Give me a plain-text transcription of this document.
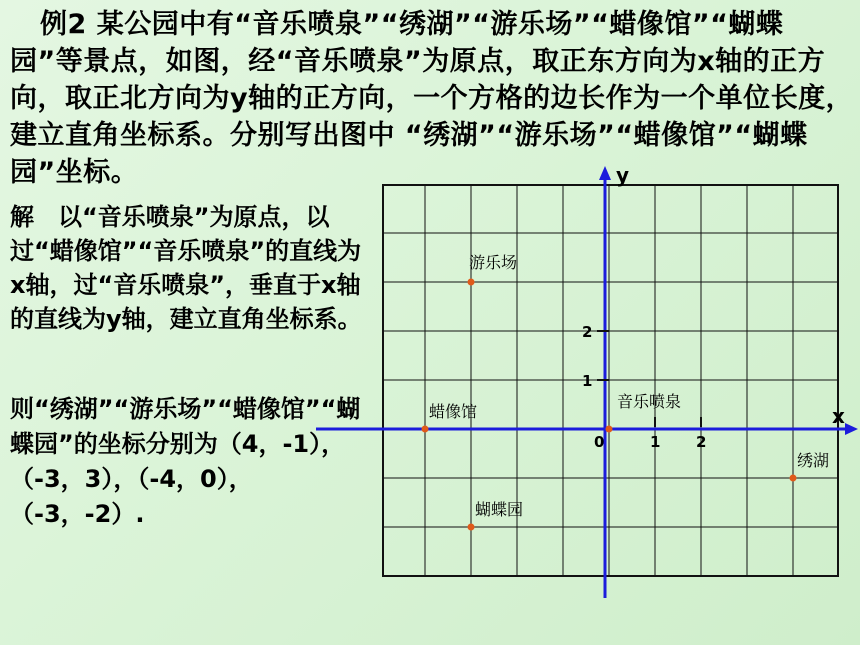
例2 某公园中有“音乐喷泉”“绣湖”“游乐场”“蜡像馆”“蝴蝶园”等景点，如图，经“音乐喷泉”为原点，取正东方向为x轴的正方向，取正北方向为y轴的正方向，一个方格的边长作为一个单位长度，建立直角坐标系。分别写出图中 “绣湖”“游乐场”“蜡像馆”“蝴蝶园”坐标。
解　以“音乐喷泉”为原点，以过“蜡像馆”“音乐喷泉”的直线为x轴，过“音乐喷泉”，垂直于x轴的直线为y轴，建立直角坐标系。
则“绣湖”“游乐场”“蜡像馆”“蝴蝶园”的坐标分别为（4，-1），（-3，3），（-4，0），（-3，-2）.
x
y
0	1 2
1
2
音乐喷泉
绣湖
游乐场
蜡像馆
蝴蝶园
